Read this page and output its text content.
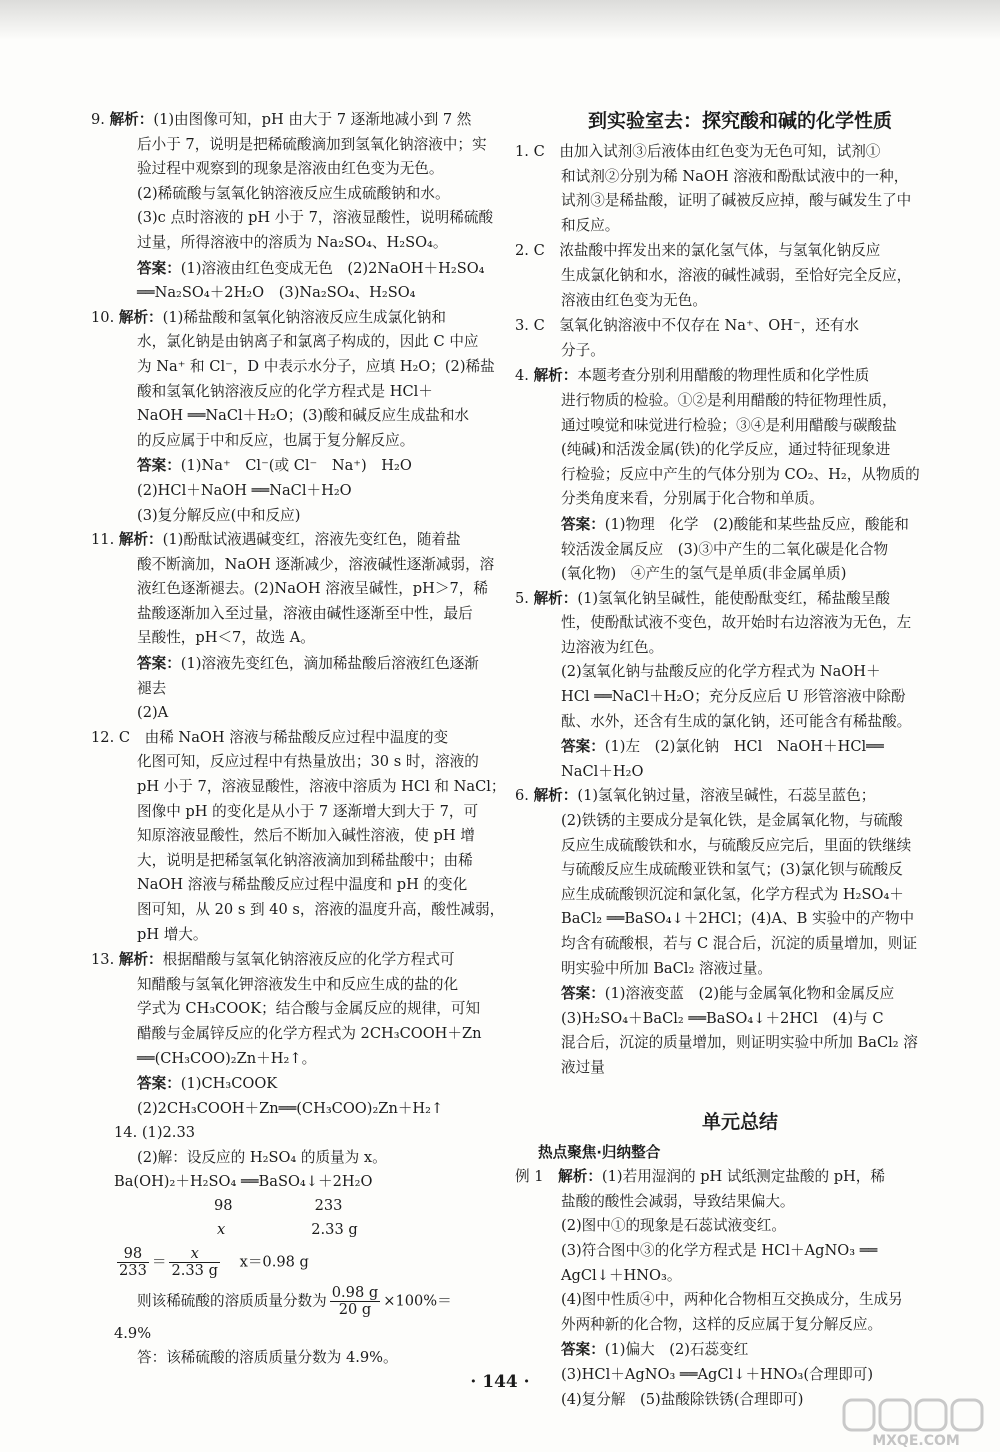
9. 解析：(1)由图像可知，pH 由大于 7 逐渐地减小到 7 然
后小于 7，说明是把稀硫酸滴加到氢氧化钠溶液中；实
验过程中观察到的现象是溶液由红色变为无色。
(2)稀硫酸与氢氧化钠溶液反应生成硫酸钠和水。
(3)c 点时溶液的 pH 小于 7，溶液显酸性，说明稀硫酸
过量，所得溶液中的溶质为 Na₂SO₄、H₂SO₄。
答案：(1)溶液由红色变成无色　(2)2NaOH＋H₂SO₄
══Na₂SO₄＋2H₂O　(3)Na₂SO₄、H₂SO₄
10. 解析：(1)稀盐酸和氢氧化钠溶液反应生成氯化钠和
水，氯化钠是由钠离子和氯离子构成的，因此 C 中应
为 Na⁺ 和 Cl⁻，D 中表示水分子，应填 H₂O；(2)稀盐
酸和氢氧化钠溶液反应的化学方程式是 HCl＋
NaOH ══NaCl＋H₂O；(3)酸和碱反应生成盐和水
的反应属于中和反应，也属于复分解反应。
答案：(1)Na⁺　Cl⁻(或 Cl⁻　Na⁺)　H₂O
(2)HCl＋NaOH ══NaCl＋H₂O
(3)复分解反应(中和反应)
11. 解析：(1)酚酞试液遇碱变红，溶液先变红色，随着盐
酸不断滴加，NaOH 逐渐减少，溶液碱性逐渐减弱，溶
液红色逐渐褪去。(2)NaOH 溶液呈碱性，pH＞7，稀
盐酸逐渐加入至过量，溶液由碱性逐渐至中性，最后
呈酸性，pH＜7，故选 A。
答案：(1)溶液先变红色，滴加稀盐酸后溶液红色逐渐
褪去
(2)A
12. C　由稀 NaOH 溶液与稀盐酸反应过程中温度的变
化图可知，反应过程中有热量放出；30 s 时，溶液的
pH 小于 7，溶液显酸性，溶液中溶质为 HCl 和 NaCl；
图像中 pH 的变化是从小于 7 逐渐增大到大于 7，可
知原溶液显酸性，然后不断加入碱性溶液，使 pH 增
大，说明是把稀氢氧化钠溶液滴加到稀盐酸中；由稀
NaOH 溶液与稀盐酸反应过程中温度和 pH 的变化
图可知，从 20 s 到 40 s，溶液的温度升高，酸性减弱，
pH 增大。
13. 解析：根据醋酸与氢氧化钠溶液反应的化学方程式可
知醋酸与氢氧化钾溶液发生中和反应生成的盐的化
学式为 CH₃COOK；结合酸与金属反应的规律，可知
醋酸与金属锌反应的化学方程式为 2CH₃COOH＋Zn
══(CH₃COO)₂Zn＋H₂↑。
答案：(1)CH₃COOK
(2)2CH₃COOH＋Zn══(CH₃COO)₂Zn＋H₂↑
14. (1)2.33
(2)解：设反应的 H₂SO₄ 的质量为 x。
Ba(OH)₂＋H₂SO₄ ══BaSO₄↓＋2H₂O
98	233
x	2.33 g
$\frac{98}{233} = \frac{x}{2.33 g} x=0.98$ g
则该稀硫酸的溶质质量分数为 $\frac{0.98 g}{20 g} \times 100\%=$
4.9%
答：该稀硫酸的溶质质量分数为 4.9%。
到实验室去：探究酸和碱的化学性质
1. C　由加入试剂③后液体由红色变为无色可知，试剂①
和试剂②分别为稀 NaOH 溶液和酚酞试液中的一种，
试剂③是稀盐酸，证明了碱被反应掉，酸与碱发生了中
和反应。
2. C　浓盐酸中挥发出来的氯化氢气体，与氢氧化钠反应
生成氯化钠和水，溶液的碱性减弱，至恰好完全反应，
溶液由红色变为无色。
3. C　氢氧化钠溶液中不仅存在 Na⁺、OH⁻，还有水
分子。
4. 解析：本题考查分别利用醋酸的物理性质和化学性质
进行物质的检验。①②是利用醋酸的特征物理性质，
通过嗅觉和味觉进行检验；③④是利用醋酸与碳酸盐
(纯碱)和活泼金属(铁)的化学反应，通过特征现象进
行检验；反应中产生的气体分别为 CO₂、H₂，从物质的
分类角度来看，分别属于化合物和单质。
答案：(1)物理　化学　(2)酸能和某些盐反应，酸能和
较活泼金属反应　(3)③中产生的二氧化碳是化合物
(氧化物)　④产生的氢气是单质(非金属单质)
5. 解析：(1)氢氧化钠呈碱性，能使酚酞变红，稀盐酸呈酸
性，使酚酞试液不变色，故开始时右边溶液为无色，左
边溶液为红色。
(2)氢氧化钠与盐酸反应的化学方程式为 NaOH＋
HCl ══NaCl＋H₂O；充分反应后 U 形管溶液中除酚
酞、水外，还含有生成的氯化钠，还可能含有稀盐酸。
答案：(1)左　(2)氯化钠　HCl　NaOH＋HCl══
NaCl＋H₂O
6. 解析：(1)氢氧化钠过量，溶液呈碱性，石蕊呈蓝色；
(2)铁锈的主要成分是氧化铁，是金属氧化物，与硫酸
反应生成硫酸铁和水，与硫酸反应完后，里面的铁继续
与硫酸反应生成硫酸亚铁和氢气；(3)氯化钡与硫酸反
应生成硫酸钡沉淀和氯化氢，化学方程式为 H₂SO₄＋
BaCl₂ ══BaSO₄↓＋2HCl；(4)A、B 实验中的产物中
均含有硫酸根，若与 C 混合后，沉淀的质量增加，则证
明实验中所加 BaCl₂ 溶液过量。
答案：(1)溶液变蓝　(2)能与金属氧化物和金属反应
(3)H₂SO₄＋BaCl₂ ══BaSO₄↓＋2HCl　(4)与 C
混合后，沉淀的质量增加，则证明实验中所加 BaCl₂ 溶
液过量
单元总结
热点聚焦·归纳整合
例 1　解析：(1)若用湿润的 pH 试纸测定盐酸的 pH，稀
盐酸的酸性会减弱，导致结果偏大。
(2)图中①的现象是石蕊试液变红。
(3)符合图中③的化学方程式是 HCl＋AgNO₃ ══
AgCl↓＋HNO₃。
(4)图中性质④中，两种化合物相互交换成分，生成另
外两种新的化合物，这样的反应属于复分解反应。
答案：(1)偏大　(2)石蕊变红
(3)HCl＋AgNO₃ ══AgCl↓＋HNO₃(合理即可)
(4)复分解　(5)盐酸除铁锈(合理即可)
· 144 ·
MXQE.COM
